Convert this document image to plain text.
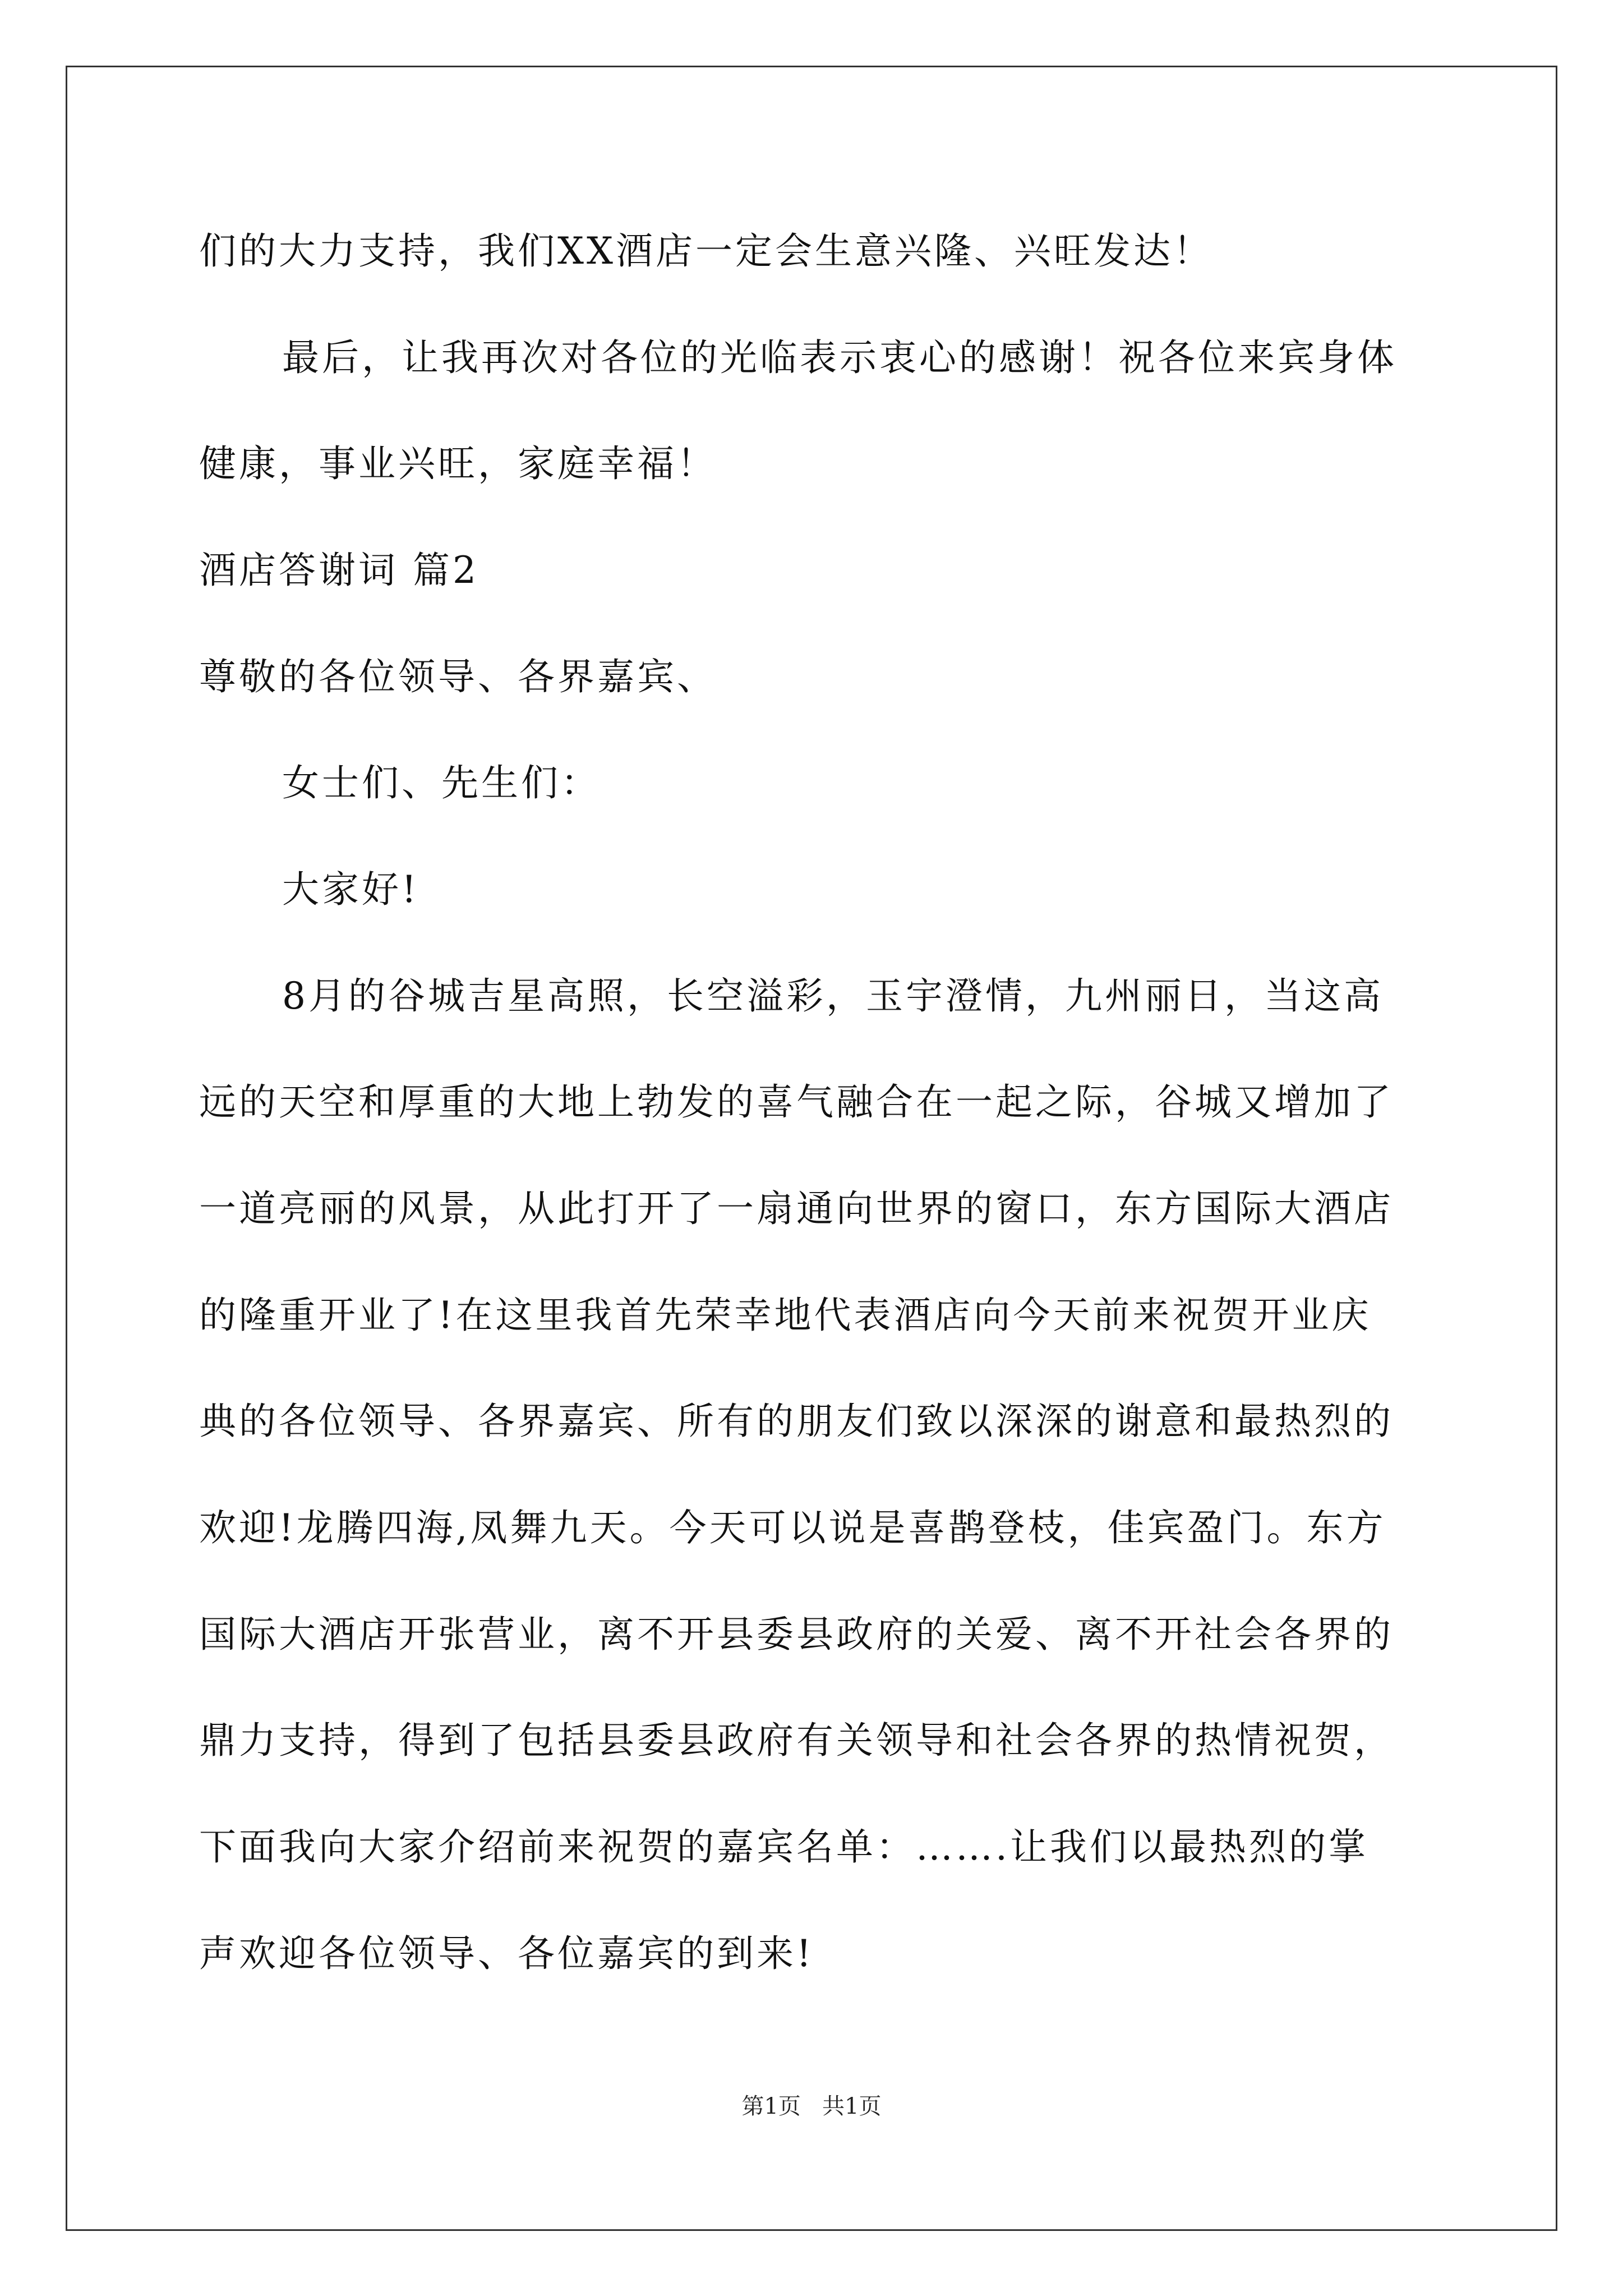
们的大力支持，我们XX酒店一定会生意兴隆、兴旺发达！
最后，让我再次对各位的光临表示衷心的感谢！祝各位来宾身体
健康，事业兴旺，家庭幸福！
酒店答谢词 篇2
尊敬的各位领导、各界嘉宾、
女士们、先生们：
大家好!
8月的谷城吉星高照，长空溢彩，玉宇澄情，九州丽日，当这高
远的天空和厚重的大地上勃发的喜气融合在一起之际，谷城又增加了
一道亮丽的风景，从此打开了一扇通向世界的窗口，东方国际大酒店
的隆重开业了!在这里我首先荣幸地代表酒店向今天前来祝贺开业庆
典的各位领导、各界嘉宾、所有的朋友们致以深深的谢意和最热烈的
欢迎!龙腾四海,凤舞九天。今天可以说是喜鹊登枝，佳宾盈门。东方
国际大酒店开张营业，离不开县委县政府的关爱、离不开社会各界的
鼎力支持，得到了包括县委县政府有关领导和社会各界的热情祝贺，
下面我向大家介绍前来祝贺的嘉宾名单：…….让我们以最热烈的掌
声欢迎各位领导、各位嘉宾的到来!
第1页   共1页
